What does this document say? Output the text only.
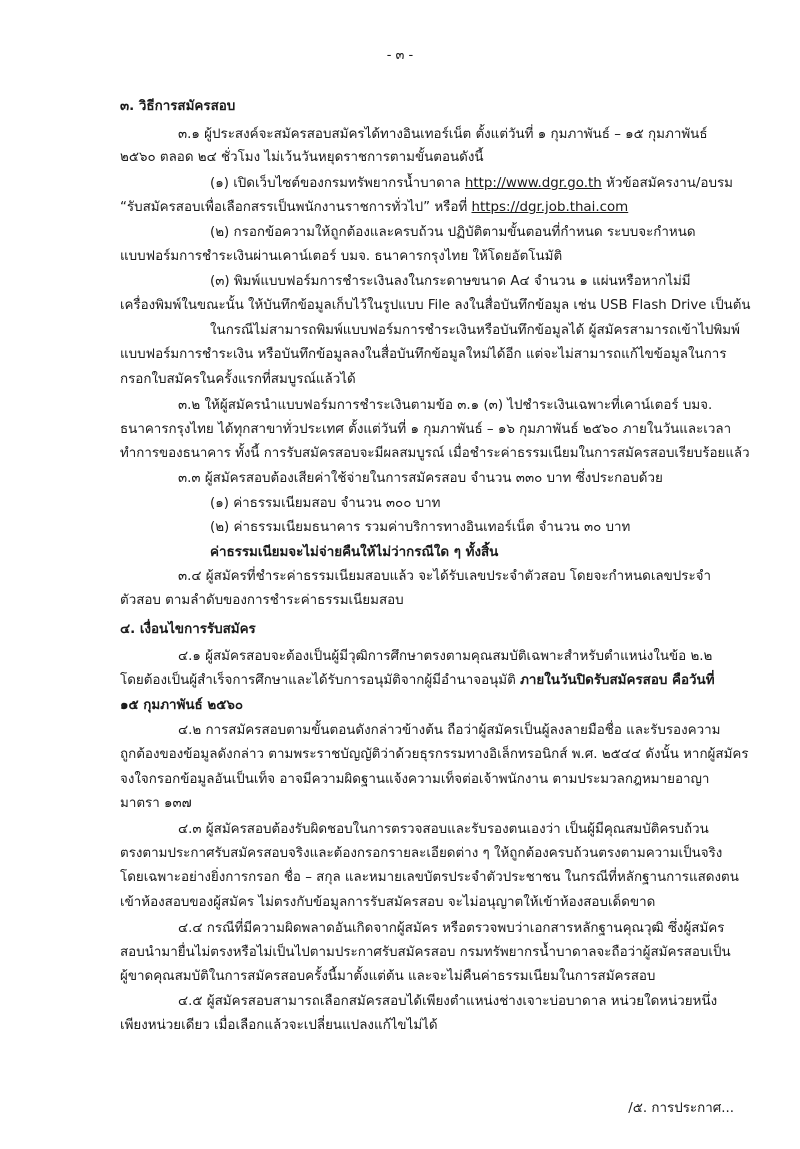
- ๓ -
๓. วิธีการสมัครสอบ
๓.๑ ผู้ประสงค์จะสมัครสอบสมัครได้ทางอินเทอร์เน็ต ตั้งแต่วันที่ ๑ กุมภาพันธ์ – ๑๕ กุมภาพันธ์
๒๕๖๐ ตลอด ๒๔ ชั่วโมง ไม่เว้นวันหยุดราชการตามขั้นตอนดังนี้
(๑) เปิดเว็บไซต์ของกรมทรัพยากรน้ำบาดาล http://www.dgr.go.th หัวข้อสมัครงาน/อบรม
“รับสมัครสอบเพื่อเลือกสรรเป็นพนักงานราชการทั่วไป” หรือที่ https://dgr.job.thai.com
(๒) กรอกข้อความให้ถูกต้องและครบถ้วน ปฏิบัติตามขั้นตอนที่กำหนด ระบบจะกำหนด
แบบฟอร์มการชำระเงินผ่านเคาน์เตอร์ บมจ. ธนาคารกรุงไทย ให้โดยอัตโนมัติ
(๓) พิมพ์แบบฟอร์มการชำระเงินลงในกระดาษขนาด A๔ จำนวน ๑ แผ่นหรือหากไม่มี
เครื่องพิมพ์ในขณะนั้น ให้บันทึกข้อมูลเก็บไว้ในรูปแบบ File ลงในสื่อบันทึกข้อมูล เช่น USB Flash Drive เป็นต้น
ในกรณีไม่สามารถพิมพ์แบบฟอร์มการชำระเงินหรือบันทึกข้อมูลได้ ผู้สมัครสามารถเข้าไปพิมพ์
แบบฟอร์มการชำระเงิน หรือบันทึกข้อมูลลงในสื่อบันทึกข้อมูลใหม่ได้อีก แต่จะไม่สามารถแก้ไขข้อมูลในการ
กรอกใบสมัครในครั้งแรกที่สมบูรณ์แล้วได้
๓.๒ ให้ผู้สมัครนำแบบฟอร์มการชำระเงินตามข้อ ๓.๑ (๓) ไปชำระเงินเฉพาะที่เคาน์เตอร์ บมจ.
ธนาคารกรุงไทย ได้ทุกสาขาทั่วประเทศ ตั้งแต่วันที่ ๑ กุมภาพันธ์ – ๑๖ กุมภาพันธ์ ๒๕๖๐ ภายในวันและเวลา
ทำการของธนาคาร ทั้งนี้ การรับสมัครสอบจะมีผลสมบูรณ์ เมื่อชำระค่าธรรมเนียมในการสมัครสอบเรียบร้อยแล้ว
๓.๓ ผู้สมัครสอบต้องเสียค่าใช้จ่ายในการสมัครสอบ จำนวน ๓๓๐ บาท ซึ่งประกอบด้วย
(๑) ค่าธรรมเนียมสอบ จำนวน ๓๐๐ บาท
(๒) ค่าธรรมเนียมธนาคาร รวมค่าบริการทางอินเทอร์เน็ต จำนวน ๓๐ บาท
ค่าธรรมเนียมจะไม่จ่ายคืนให้ไม่ว่ากรณีใด ๆ ทั้งสิ้น
๓.๔ ผู้สมัครที่ชำระค่าธรรมเนียมสอบแล้ว จะได้รับเลขประจำตัวสอบ โดยจะกำหนดเลขประจำ
ตัวสอบ ตามลำดับของการชำระค่าธรรมเนียมสอบ
๔. เงื่อนไขการรับสมัคร
๔.๑ ผู้สมัครสอบจะต้องเป็นผู้มีวุฒิการศึกษาตรงตามคุณสมบัติเฉพาะสำหรับตำแหน่งในข้อ ๒.๒
โดยต้องเป็นผู้สำเร็จการศึกษาและได้รับการอนุมัติจากผู้มีอำนาจอนุมัติ ภายในวันปิดรับสมัครสอบ คือวันที่
๑๕ กุมภาพันธ์ ๒๕๖๐
๔.๒ การสมัครสอบตามขั้นตอนดังกล่าวข้างต้น ถือว่าผู้สมัครเป็นผู้ลงลายมือชื่อ และรับรองความ
ถูกต้องของข้อมูลดังกล่าว ตามพระราชบัญญัติว่าด้วยธุรกรรมทางอิเล็กทรอนิกส์ พ.ศ. ๒๕๔๔ ดังนั้น หากผู้สมัคร
จงใจกรอกข้อมูลอันเป็นเท็จ อาจมีความผิดฐานแจ้งความเท็จต่อเจ้าพนักงาน ตามประมวลกฎหมายอาญา
มาตรา ๑๓๗
๔.๓ ผู้สมัครสอบต้องรับผิดชอบในการตรวจสอบและรับรองตนเองว่า เป็นผู้มีคุณสมบัติครบถ้วน
ตรงตามประกาศรับสมัครสอบจริงและต้องกรอกรายละเอียดต่าง ๆ ให้ถูกต้องครบถ้วนตรงตามความเป็นจริง
โดยเฉพาะอย่างยิ่งการกรอก ชื่อ – สกุล และหมายเลขบัตรประจำตัวประชาชน ในกรณีที่หลักฐานการแสดงตน
เข้าห้องสอบของผู้สมัคร ไม่ตรงกับข้อมูลการรับสมัครสอบ จะไม่อนุญาตให้เข้าห้องสอบเด็ดขาด
๔.๔ กรณีที่มีความผิดพลาดอันเกิดจากผู้สมัคร หรือตรวจพบว่าเอกสารหลักฐานคุณวุฒิ ซึ่งผู้สมัคร
สอบนำมายื่นไม่ตรงหรือไม่เป็นไปตามประกาศรับสมัครสอบ กรมทรัพยากรน้ำบาดาลจะถือว่าผู้สมัครสอบเป็น
ผู้ขาดคุณสมบัติในการสมัครสอบครั้งนี้มาตั้งแต่ต้น และจะไม่คืนค่าธรรมเนียมในการสมัครสอบ
๔.๕ ผู้สมัครสอบสามารถเลือกสมัครสอบได้เพียงตำแหน่งช่างเจาะบ่อบาดาล หน่วยใดหน่วยหนึ่ง
เพียงหน่วยเดียว เมื่อเลือกแล้วจะเปลี่ยนแปลงแก้ไขไม่ได้
/๕. การประกาศ...
